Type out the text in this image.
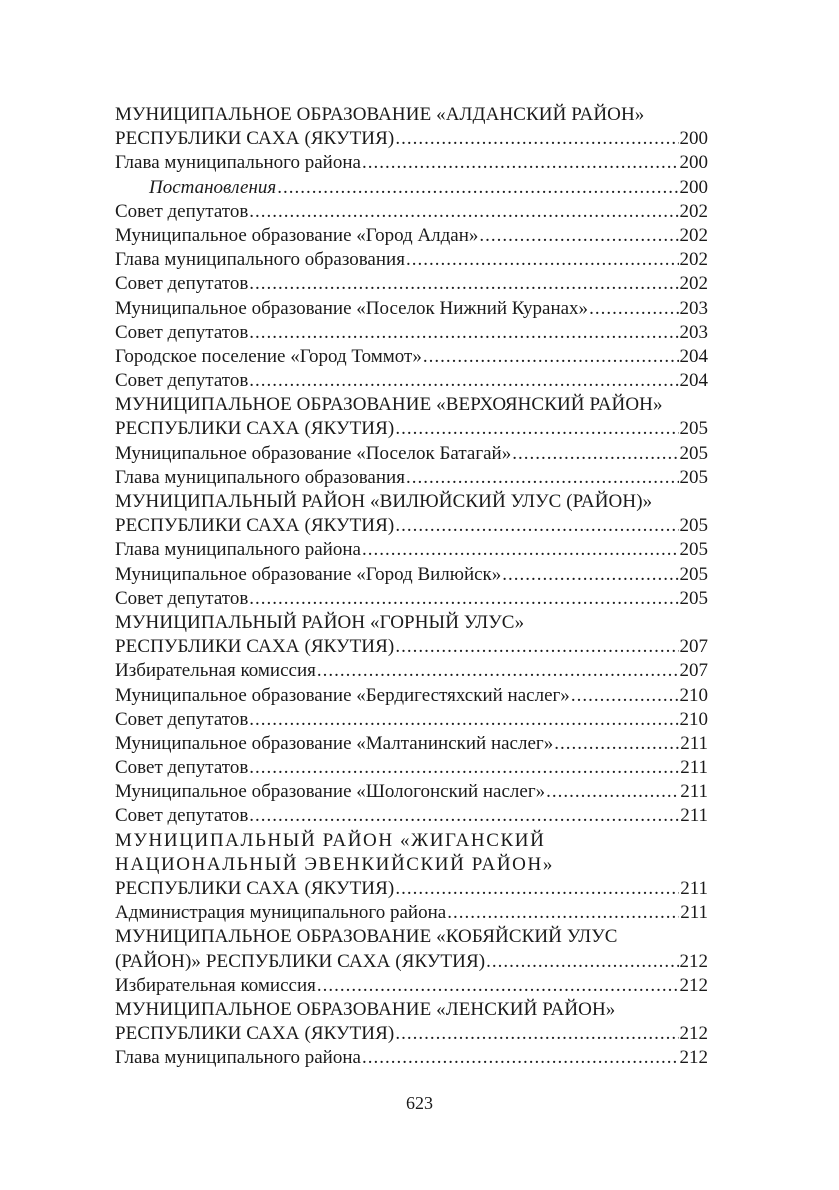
МУНИЦИПАЛЬНОЕ ОБРАЗОВАНИЕ «АЛДАНСКИЙ РАЙОН»
РЕСПУБЛИКИ САХА (ЯКУТИЯ) .....	200
Глава муниципального района .....	200
Постановления .....	200
Совет депутатов .....	202
Муниципальное образование «Город Алдан» .....	202
Глава муниципального образования .....	202
Совет депутатов .....	202
Муниципальное образование «Поселок Нижний Куранах» .....	203
Совет депутатов .....	203
Городское поселение «Город Томмот» .....	204
Совет депутатов .....	204
МУНИЦИПАЛЬНОЕ ОБРАЗОВАНИЕ «ВЕРХОЯНСКИЙ РАЙОН»
РЕСПУБЛИКИ САХА (ЯКУТИЯ) .....	205
Муниципальное образование «Поселок Батагай» .....	205
Глава муниципального образования .....	205
МУНИЦИПАЛЬНЫЙ РАЙОН «ВИЛЮЙСКИЙ УЛУС (РАЙОН)»
РЕСПУБЛИКИ САХА (ЯКУТИЯ) .....	205
Глава муниципального района .....	205
Муниципальное образование «Город Вилюйск» .....	205
Совет депутатов .....	205
МУНИЦИПАЛЬНЫЙ РАЙОН «ГОРНЫЙ УЛУС»
РЕСПУБЛИКИ САХА (ЯКУТИЯ) .....	207
Избирательная комиссия .....	207
Муниципальное образование «Бердигестяхский наслег» .....	210
Совет депутатов .....	210
Муниципальное образование «Малтанинский наслег» .....	211
Совет депутатов .....	211
Муниципальное образование «Шологонский наслег» .....	211
Совет депутатов .....	211
МУНИЦИПАЛЬНЫЙ РАЙОН «ЖИГАНСКИЙ
НАЦИОНАЛЬНЫЙ ЭВЕНКИЙСКИЙ РАЙОН»
РЕСПУБЛИКИ САХА (ЯКУТИЯ) .....	211
Администрация муниципального района .....	211
МУНИЦИПАЛЬНОЕ ОБРАЗОВАНИЕ «КОБЯЙСКИЙ УЛУС
(РАЙОН)» РЕСПУБЛИКИ САХА (ЯКУТИЯ) .....	212
Избирательная комиссия .....	212
МУНИЦИПАЛЬНОЕ ОБРАЗОВАНИЕ «ЛЕНСКИЙ РАЙОН»
РЕСПУБЛИКИ САХА (ЯКУТИЯ) .....	212
Глава муниципального района .....	212
623
